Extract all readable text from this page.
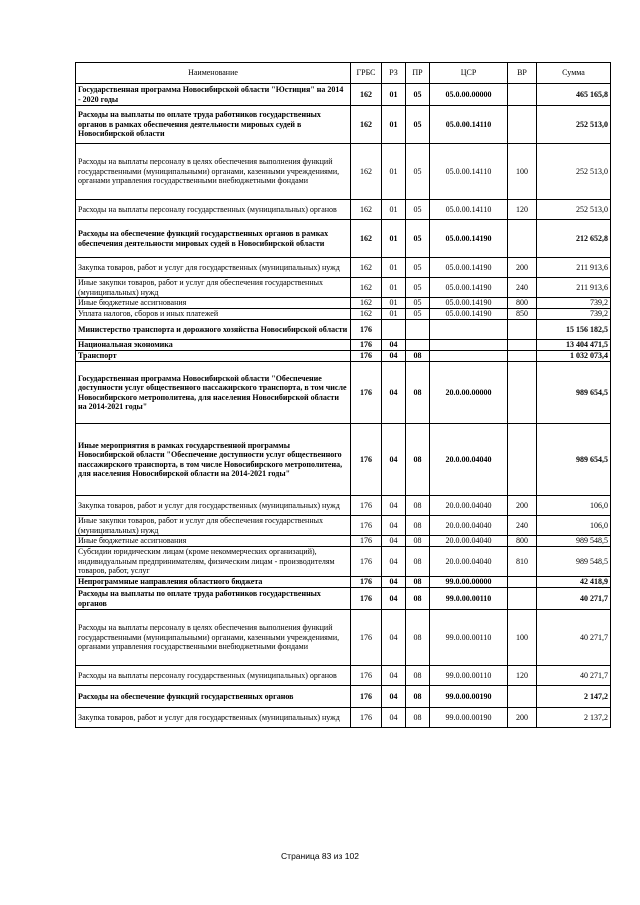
Наименование	ГРБС	РЗ	ПР	ЦСР	ВР	Сумма
Государственная программа Новосибирской области "Юстиция" на 2014 - 2020 годы	162	01	05	05.0.00.00000		465 165,8
Расходы на выплаты по оплате труда работников государственных органов в рамках обеспечения деятельности мировых судей в Новосибирской области	162	01	05	05.0.00.14110		252 513,0
Расходы на выплаты персоналу в целях обеспечения выполнения функций государственными (муниципальными) органами, казенными учреждениями, органами управления государственными внебюджетными фондами	162	01	05	05.0.00.14110	100	252 513,0
Расходы на выплаты персоналу государственных (муниципальных) органов	162	01	05	05.0.00.14110	120	252 513,0
Расходы на обеспечение функций государственных органов в рамках обеспечения деятельности мировых судей в Новосибирской области	162	01	05	05.0.00.14190		212 652,8
Закупка товаров, работ и услуг для государственных (муниципальных) нужд	162	01	05	05.0.00.14190	200	211 913,6
Иные закупки товаров, работ и услуг для обеспечения государственных (муниципальных) нужд	162	01	05	05.0.00.14190	240	211 913,6
Иные бюджетные ассигнования	162	01	05	05.0.00.14190	800	739,2
Уплата налогов, сборов и иных платежей	162	01	05	05.0.00.14190	850	739,2
Министерство транспорта и дорожного хозяйства Новосибирской области	176					15 156 182,5
Национальная экономика	176	04				13 404 471,5
Транспорт	176	04	08			1 032 073,4
Государственная программа Новосибирской области "Обеспечение доступности услуг общественного пассажирского транспорта, в том числе Новосибирского метрополитена, для населения Новосибирской области на 2014-2021 годы"	176	04	08	20.0.00.00000		989 654,5
Иные мероприятия в рамках государственной программы Новосибирской области "Обеспечение доступности услуг общественного пассажирского транспорта, в том числе Новосибирского метрополитена, для населения Новосибирской области на 2014-2021 годы"	176	04	08	20.0.00.04040		989 654,5
Закупка товаров, работ и услуг для государственных (муниципальных) нужд	176	04	08	20.0.00.04040	200	106,0
Иные закупки товаров, работ и услуг для обеспечения государственных (муниципальных) нужд	176	04	08	20.0.00.04040	240	106,0
Иные бюджетные ассигнования	176	04	08	20.0.00.04040	800	989 548,5
Субсидии юридическим лицам (кроме некоммерческих организаций), индивидуальным предпринимателям, физическим лицам - производителям товаров, работ, услуг	176	04	08	20.0.00.04040	810	989 548,5
Непрограммные направления областного бюджета	176	04	08	99.0.00.00000		42 418,9
Расходы на выплаты по оплате труда работников государственных органов	176	04	08	99.0.00.00110		40 271,7
Расходы на выплаты персоналу в целях обеспечения выполнения функций государственными (муниципальными) органами, казенными учреждениями, органами управления государственными внебюджетными фондами	176	04	08	99.0.00.00110	100	40 271,7
Расходы на выплаты персоналу государственных (муниципальных) органов	176	04	08	99.0.00.00110	120	40 271,7
Расходы на обеспечение функций государственных органов	176	04	08	99.0.00.00190		2 147,2
Закупка товаров, работ и услуг для государственных (муниципальных) нужд	176	04	08	99.0.00.00190	200	2 137,2
Страница 83 из 102
